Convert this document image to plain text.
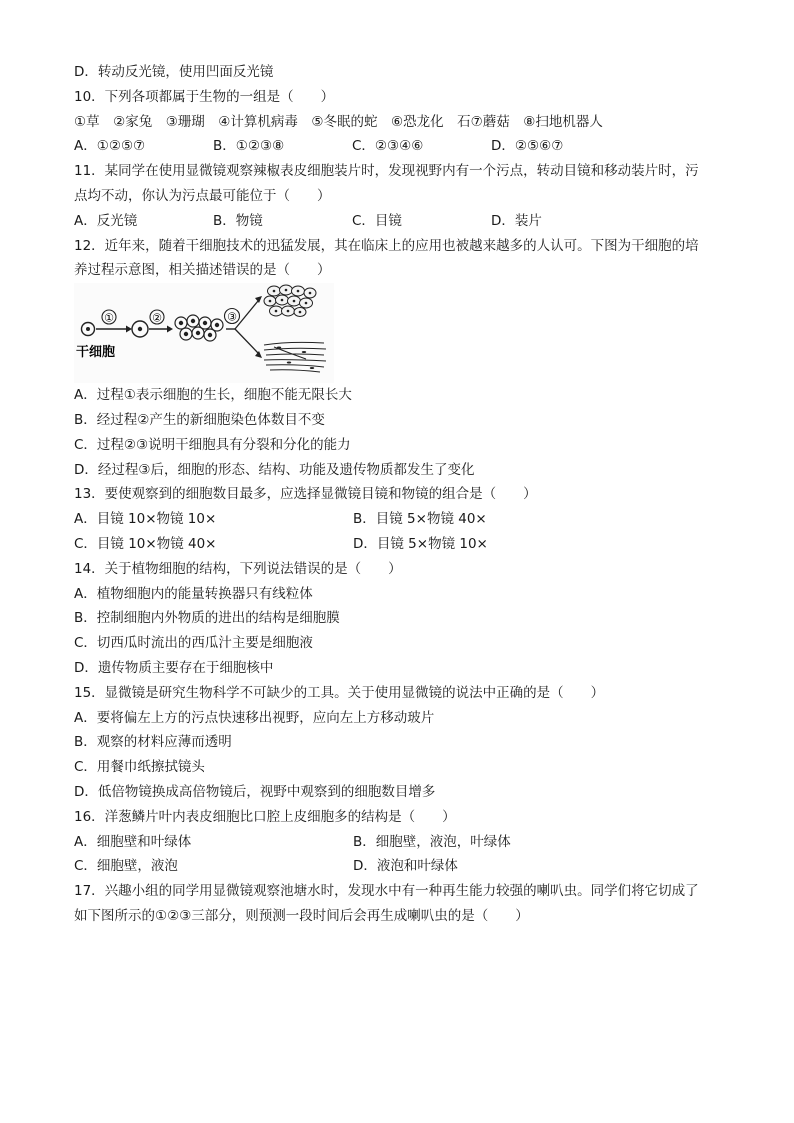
D．转动反光镜，使用凹面反光镜
10．下列各项都属于生物的一组是（　　）
①草　②家兔　③珊瑚　④计算机病毒　⑤冬眠的蛇　⑥恐龙化　石⑦蘑菇　⑧扫地机器人
A．①②⑤⑦	B．①②③⑧	C．②③④⑥	D．②⑤⑥⑦
11．某同学在使用显微镜观察辣椒表皮细胞装片时，发现视野内有一个污点，转动目镜和移动装片时，污
点均不动，你认为污点最可能位于（　　）
A．反光镜	B．物镜	C．目镜	D．装片
12．近年来，随着干细胞技术的迅猛发展，其在临床上的应用也被越来越多的人认可。下图为干细胞的培
养过程示意图，相关描述错误的是（　　）
①	②	③
干细胞
A．过程①表示细胞的生长，细胞不能无限长大
B．经过程②产生的新细胞染色体数目不变
C．过程②③说明干细胞具有分裂和分化的能力
D．经过程③后，细胞的形态、结构、功能及遗传物质都发生了变化
13．要使观察到的细胞数目最多，应选择显微镜目镜和物镜的组合是（　　）
A．目镜 10×物镜 10×	B．目镜 5×物镜 40×
C．目镜 10×物镜 40×	D．目镜 5×物镜 10×
14．关于植物细胞的结构，下列说法错误的是（　　）
A．植物细胞内的能量转换器只有线粒体
B．控制细胞内外物质的进出的结构是细胞膜
C．切西瓜时流出的西瓜汁主要是细胞液
D．遗传物质主要存在于细胞核中
15．显微镜是研究生物科学不可缺少的工具。关于使用显微镜的说法中正确的是（　　）
A．要将偏左上方的污点快速移出视野，应向左上方移动玻片
B．观察的材料应薄而透明
C．用餐巾纸擦拭镜头
D．低倍物镜换成高倍物镜后，视野中观察到的细胞数目增多
16．洋葱鳞片叶内表皮细胞比口腔上皮细胞多的结构是（　　）
A．细胞壁和叶绿体	B．细胞壁，液泡，叶绿体
C．细胞壁，液泡	D．液泡和叶绿体
17．兴趣小组的同学用显微镜观察池塘水时，发现水中有一种再生能力较强的喇叭虫。同学们将它切成了
如下图所示的①②③三部分，则预测一段时间后会再生成喇叭虫的是（　　）
